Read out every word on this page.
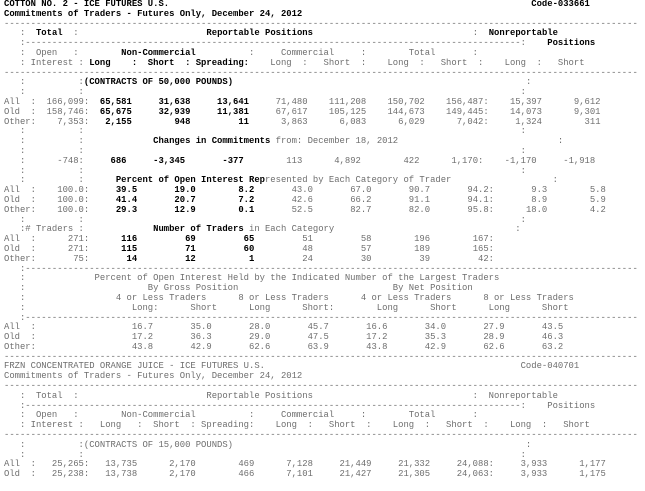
COTTON NO. 2 - ICE FUTURES U.S.                                                                    Code-033661
Commitments of Traders - Futures Only, December 24, 2012
-----------------------------------------------------------------------------------------------------------------------
:  Total  :                        Reportable Positions                              :  Nonreportable
:---------------------------------------------------------------------------------------------:    Positions
:  Open   :        Non-Commercial          :     Commercial     :        Total       :
: Interest : Long    :  Short  : Spreading:    Long  :   Short  :    Long  :   Short  :    Long  :   Short
-----------------------------------------------------------------------------------------------------------------------
:          :(CONTRACTS OF 50,000 POUNDS)                                                       :
:          :                                                                                  :
All  :  166,099:  65,581     31,638     13,641     71,480    111,208    150,702    156,487:    15,397      9,612
Old  :  158,746:  65,675     32,939     11,381     67,617    105,125    144,673    149,445:    14,073      9,301
Other:    7,353:   2,155        948         11      3,863      6,083      6,029      7,042:     1,324        311
:          :                                                                                  :
:          :             Changes in Commitments from: December 18, 2012                              :
:          :                                                                                  :
:      -748:     686     -3,345       -377        113      4,892        422      1,170:    -1,170     -1,918
:          :                                                                                  :
:          :      Percent of Open Interest Represented by Each Category of Trader                   :
All  :    100.0:     39.5       19.0        8.2       43.0       67.0       90.7       94.2:       9.3        5.8
Old  :    100.0:     41.4       20.7        7.2       42.6       66.2       91.1       94.1:       8.9        5.9
Other:    100.0:     29.3       12.9        0.1       52.5       82.7       82.0       95.8:      18.0        4.2
:          :                                                                                  :
:# Traders :             Number of Traders in Each Category                                  :
All  :      271:      116         69         65         51         58        196        167:
Old  :      271:      115         71         60         48         57        189        165:
Other:       75:       14         12          1         24         30         39         42:
:-------------------------------------------------------------------------------------------------------------------
:             Percent of Open Interest Held by the Indicated Number of the Largest Traders
:                       By Gross Position                             By Net Position
:                 4 or Less Traders      8 or Less Traders      4 or Less Traders      8 or Less Traders
:                    Long:      Short      Long      Short:        Long      Short      Long      Short
:-------------------------------------------------------------------------------------------------------------------
All  :                  16.7       35.0       28.0       45.7       16.6       34.0       27.9       43.5
Old  :                  17.2       36.3       29.0       47.5       17.2       35.3       28.9       46.3
Other:                  43.8       42.9       62.6       63.9       43.8       42.9       62.6       63.2
-----------------------------------------------------------------------------------------------------------------------
FRZN CONCENTRATED ORANGE JUICE - ICE FUTURES U.S.                                                Code-040701
Commitments of Traders - Futures Only, December 24, 2012
-----------------------------------------------------------------------------------------------------------------------
:  Total  :                        Reportable Positions                              :  Nonreportable
:---------------------------------------------------------------------------------------------:    Positions
:  Open   :        Non-Commercial          :     Commercial     :        Total       :
: Interest :   Long   :  Short  : Spreading:    Long  :   Short  :    Long  :   Short  :    Long  :   Short
-----------------------------------------------------------------------------------------------------------------------
:          :(CONTRACTS OF 15,000 POUNDS)                                                       :
:          :                                                                                  :
All  :   25,265:   13,735      2,170        469      7,128     21,449     21,332     24,088:     3,933      1,177
Old  :   25,238:   13,738      2,170        466      7,101     21,427     21,305     24,063:     3,933      1,175
